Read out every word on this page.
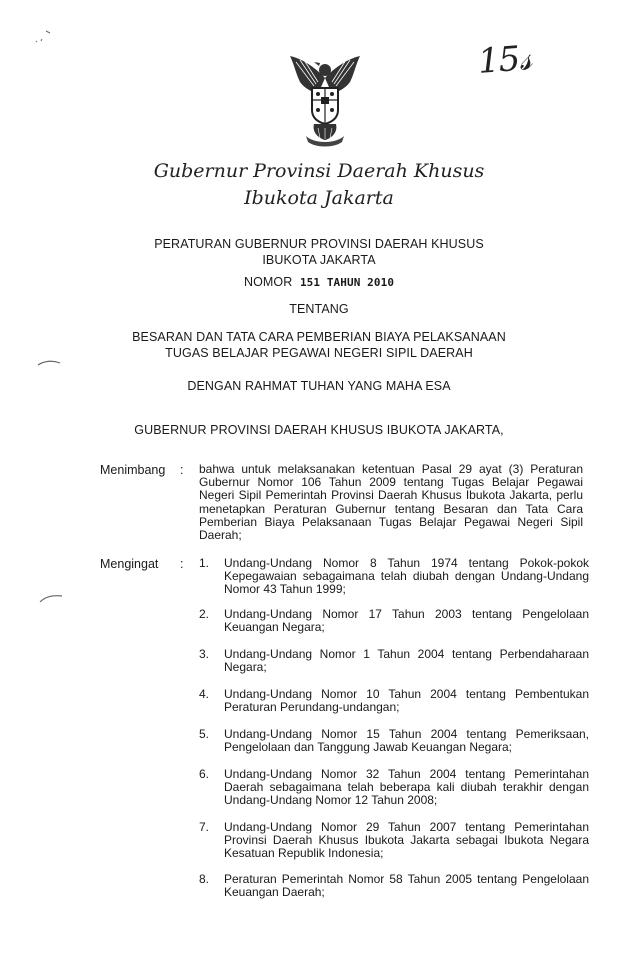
15𝓈
Gubernur Provinsi Daerah Khusus
Ibukota Jakarta
PERATURAN GUBERNUR PROVINSI DAERAH KHUSUS
IBUKOTA JAKARTA
NOMOR 151 TAHUN 2010
TENTANG
BESARAN DAN TATA CARA PEMBERIAN BIAYA PELAKSANAAN
TUGAS BELAJAR PEGAWAI NEGERI SIPIL DAERAH
DENGAN RAHMAT TUHAN YANG MAHA ESA
GUBERNUR PROVINSI DAERAH KHUSUS IBUKOTA JAKARTA,
Menimbang : bahwa untuk melaksanakan ketentuan Pasal 29 ayat (3) Peraturan Gubernur Nomor 106 Tahun 2009 tentang Tugas Belajar Pegawai Negeri Sipil Pemerintah Provinsi Daerah Khusus Ibukota Jakarta, perlu menetapkan Peraturan Gubernur tentang Besaran dan Tata Cara Pemberian Biaya Pelaksanaan Tugas Belajar Pegawai Negeri Sipil Daerah;
Mengingat : 1.	Undang-Undang Nomor 8 Tahun 1974 tentang Pokok-pokok Kepegawaian sebagaimana telah diubah dengan Undang-Undang Nomor 43 Tahun 1999;
2.	Undang-Undang Nomor 17 Tahun 2003 tentang Pengelolaan Keuangan Negara;
3.	Undang-Undang Nomor 1 Tahun 2004 tentang Perbendaharaan Negara;
4.	Undang-Undang Nomor 10 Tahun 2004 tentang Pembentukan Peraturan Perundang-undangan;
5.	Undang-Undang Nomor 15 Tahun 2004 tentang Pemeriksaan, Pengelolaan dan Tanggung Jawab Keuangan Negara;
6.	Undang-Undang Nomor 32 Tahun 2004 tentang Pemerintahan Daerah sebagaimana telah beberapa kali diubah terakhir dengan Undang-Undang Nomor 12 Tahun 2008;
7.	Undang-Undang Nomor 29 Tahun 2007 tentang Pemerintahan Provinsi Daerah Khusus Ibukota Jakarta sebagai Ibukota Negara Kesatuan Republik Indonesia;
8.	Peraturan Pemerintah Nomor 58 Tahun 2005 tentang Pengelolaan Keuangan Daerah;
